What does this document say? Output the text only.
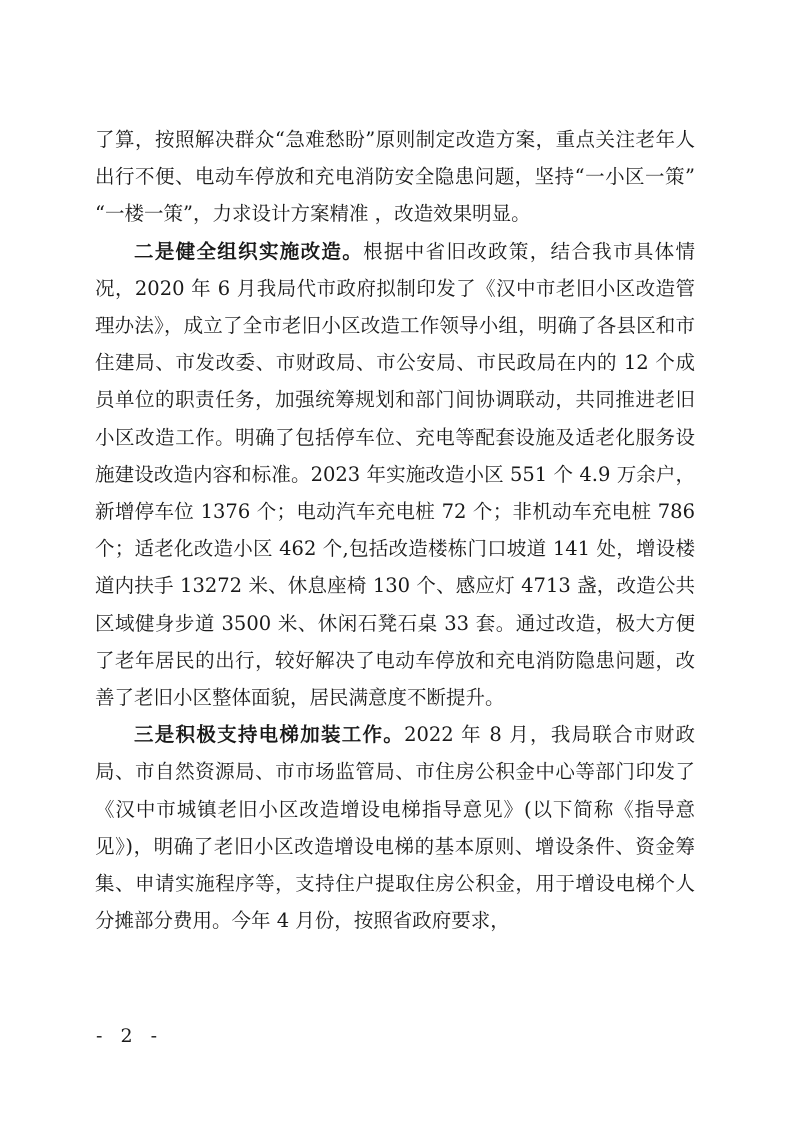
了算，按照解决群众“急难愁盼”原则制定改造方案，重点关注老年人出行不便、电动车停放和充电消防安全隐患问题，坚持“一小区一策” “一楼一策”，力求设计方案精准 ，改造效果明显。

二是健全组织实施改造。根据中省旧改政策，结合我市具体情况，2020 年 6 月我局代市政府拟制印发了《汉中市老旧小区改造管理办法》，成立了全市老旧小区改造工作领导小组，明确了各县区和市住建局、市发改委、市财政局、市公安局、市民政局在内的 12 个成员单位的职责任务，加强统筹规划和部门间协调联动，共同推进老旧小区改造工作。明确了包括停车位、充电等配套设施及适老化服务设施建设改造内容和标准。2023 年实施改造小区 551 个 4.9 万余户，新增停车位 1376 个；电动汽车充电桩 72 个；非机动车充电桩 786 个；适老化改造小区 462 个,包括改造楼栋门口坡道 141 处，增设楼道内扶手 13272 米、休息座椅 130 个、感应灯 4713 盏，改造公共区域健身步道 3500 米、休闲石凳石桌 33 套。通过改造，极大方便了老年居民的出行，较好解决了电动车停放和充电消防隐患问题，改善了老旧小区整体面貌，居民满意度不断提升。

三是积极支持电梯加装工作。2022 年 8 月，我局联合市财政局、市自然资源局、市市场监管局、市住房公积金中心等部门印发了《汉中市城镇老旧小区改造增设电梯指导意见》(以下简称《指导意见》)，明确了老旧小区改造增设电梯的基本原则、增设条件、资金筹集、申请实施程序等，支持住户提取住房公积金，用于增设电梯个人分摊部分费用。今年 4 月份，按照省政府要求，

- 2 -
